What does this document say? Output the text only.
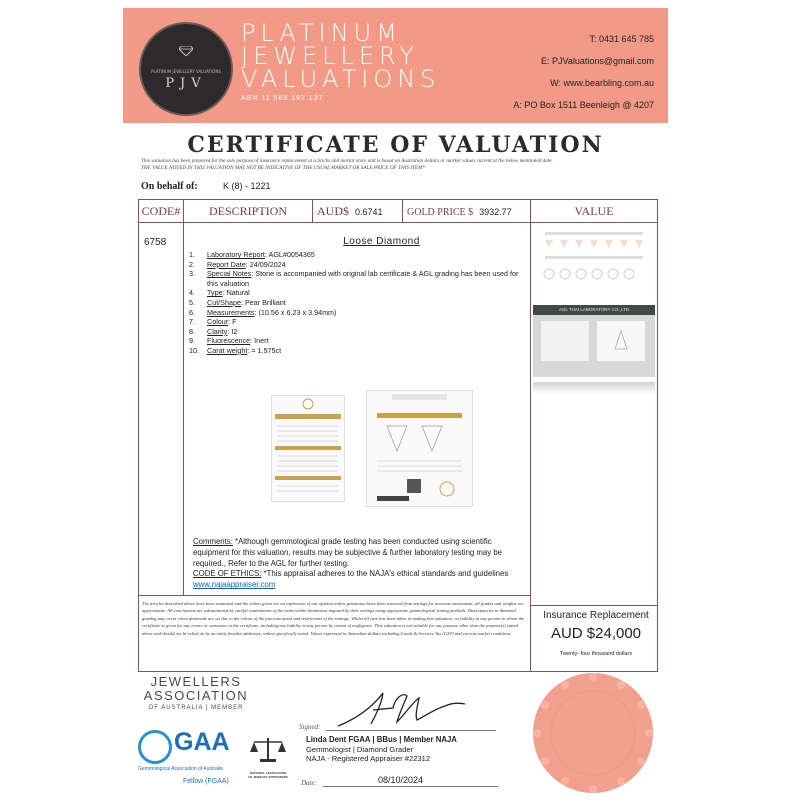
PLATINUM JEWELLERY VALUATIONS
PJV
PLATINUM
JEWELLERY
VALUATIONS
ABN 11 588 192 137
T: 0431 645 785
E: PJValuations@gmail.com
W: www.bearbling.com.au
A: PO Box 1511 Beenleigh @ 4207
CERTIFICATE OF VALUATION
This valuation has been prepared for the sole purpose of insurance replacement at a bricks and mortar store and is based on Australian dollars or market values current at the below mentioned date.
THE VALUE NOTED IN THIS VALUATION MAY NOT BE INDICATIVE OF THE USUAL MARKET OR SALE PRICE OF THIS ITEM*
On behalf of:	K (8) - 1221
CODE#	DESCRIPTION	AUD$ 0.6741	GOLD PRICE $ 3932.77	VALUE
6758	Loose Diamond
1. Laboratory Report: AGL#0054365
2. Report Date: 24/09/2024
3. Special Notes: Stone is accompanied with original lab certificate & AGL grading has been used for this valuation
4. Type: Natural
5. Cut/Shape: Pear Brilliant
6. Measurements: (10.56 x 6.23 x 3.94mm)
7. Colour: F
8. Clarity: I2
9. Fluorescence: Inert
10. Carat weight: = 1.575ct
Comments: *Although gemmological grade testing has been conducted using scientific equipment for this valuation, results may be subjective & further laboratory testing may be required., Refer to the AGL for further testing.
CODE OF ETHICS: *This appraisal adheres to the NAJA's ethical standards and guidelines
www.najaappraiser.com
The articles described above have been examined and the values given are an expression of our opinion unless gemstones have been removed from settings for accurate assessment, all grades and weights are approximate. All conclusions are substantiated by careful examination of the items within limitations imposed by their settings using appropriate gemmological testing methods. Discrepancies in diamond grading may occur when diamonds are set due to the colour of the precious metal and restrictions of the settings. Whilst all care has been taken in making this valuation, no liability to any person to whom the certificate is given for any errors or omissions in the certificate, including any liability to any person by reason of negligence. This valuation is not suitable for any purpose other than the purpose(s) stated above and should not be relied on by an entity besides addressee, unless specifically noted. Values expressed in Australian dollars including Goods & Services Tax (GST) and current market conditions.
Insurance Replacement
AUD $24,000
Twenty- four thousand dollars
AGL THAI LABORATORY CO.,LTD
JEWELLERS
ASSOCIATION
OF AUSTRALIA | MEMBER
GAA
Gemmological Association of Australia
Fellow (FGAA)
NATIONAL ASSOCIATION OF JEWELRY APPRAISERS
Signed:
Linda Dent FGAA | BBus | Member NAJA
Gemmologist | Diamond Grader
NAJA - Registered Appraiser #22312
Date:	08/10/2024
